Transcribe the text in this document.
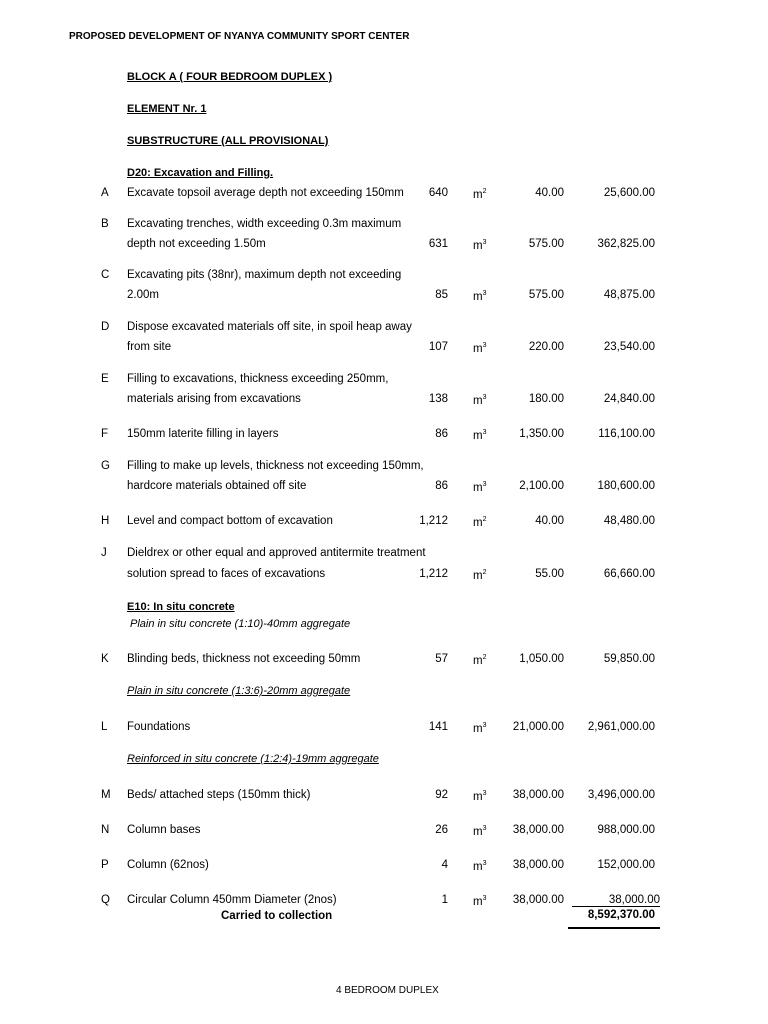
PROPOSED DEVELOPMENT OF NYANYA COMMUNITY SPORT CENTER
BLOCK A ( FOUR BEDROOM DUPLEX )
ELEMENT Nr. 1
SUBSTRUCTURE (ALL PROVISIONAL)
D20: Excavation and Filling.
E10: In situ concrete
Plain in situ concrete (1:10)-40mm aggregate
Plain in situ concrete (1:3:6)-20mm aggregate
Reinforced in situ concrete (1:2:4)-19mm aggregate
A Excavate topsoil average depth not exceeding 150mm	640 $m^2$	40.00	25,600.00
B Excavating trenches, width exceeding 0.3m maximum
depth not exceeding 1.50m	631 $m^3$	575.00	362,825.00
C Excavating pits (38nr), maximum depth not exceeding
2.00m	85 $m^3$	575.00	48,875.00
D Dispose excavated materials off site, in spoil heap away
from site	107 $m^3$	220.00	23,540.00
E Filling to excavations, thickness exceeding 250mm,
materials arising from excavations	138 $m^3$	180.00	24,840.00
F 150mm laterite filling in layers	86 $m^3$	1,350.00	116,100.00
G Filling to make up levels, thickness not exceeding 150mm,
hardcore materials obtained off site	86 $m^3$	2,100.00	180,600.00
H Level and compact bottom of excavation	1,212 $m^2$	40.00	48,480.00
J Dieldrex or other equal and approved antitermite treatment
solution spread to faces of excavations	1,212 $m^2$	55.00	66,660.00
K Blinding beds, thickness not exceeding 50mm	57 $m^2$	1,050.00	59,850.00
L Foundations	141 $m^3$	21,000.00	2,961,000.00
M Beds/ attached steps (150mm thick)	92 $m^3$	38,000.00	3,496,000.00
N Column bases	26 $m^3$	38,000.00	988,000.00
P Column (62nos)	4 $m^3$	38,000.00	152,000.00
Q Circular Column 450mm Diameter (2nos)	1 $m^3$	38,000.00	38,000.00
Carried to collection	8,592,370.00
4 BEDROOM DUPLEX
